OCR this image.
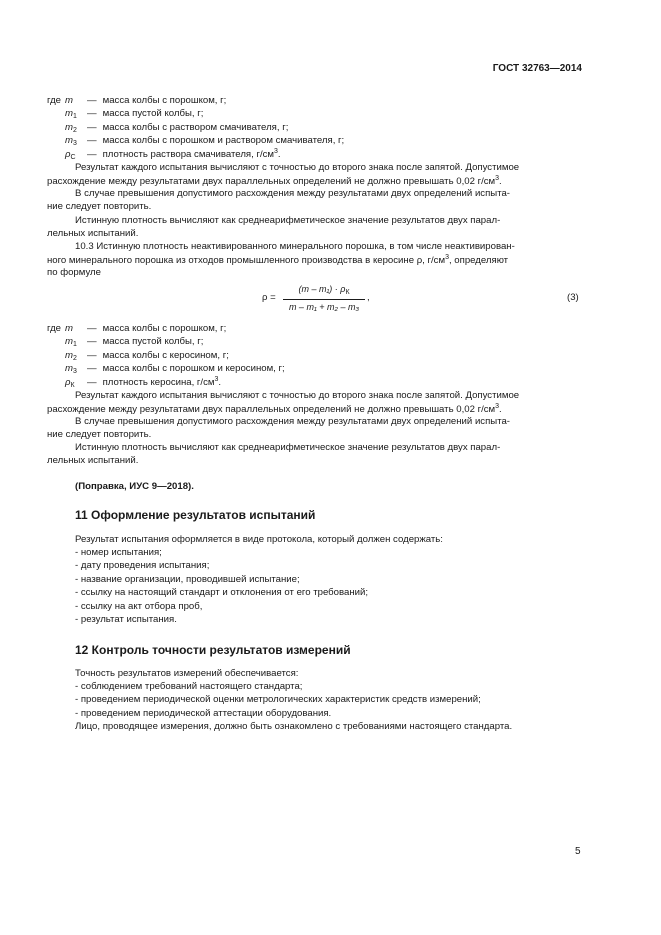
ГОСТ 32763—2014
где m — масса колбы с порошком, г;
$m_1$ — масса пустой колбы, г;
$m_2$ — масса колбы с раствором смачивателя, г;
$m_3$ — масса колбы с порошком и раствором смачивателя, г;
$\rho_С$ — плотность раствора смачивателя, $г/см^3$.
Результат каждого испытания вычисляют с точностью до второго знака после запятой. Допустимое
расхождение между результатами двух параллельных определений не должно превышать 0,02 $г/см^3$.
В случае превышения допустимого расхождения между результатами двух определений испыта-
ние следует повторить.
Истинную плотность вычисляют как среднеарифметическое значение результатов двух парал-
лельных испытаний.
10.3 Истинную плотность неактивированного минерального порошка, в том числе неактивирован-
ного минерального порошка из отходов промышленного производства в керосине ρ, $г/см^3$, определяют
по формуле
ρ =
$(m - m_1) \cdot \rho_К$
m – m₁ + m₂ – m₃
,	(3)
где m — масса колбы с порошком, г;
$m_1$ — масса пустой колбы, г;
$m_2$ — масса колбы с керосином, г;
$m_3$ — масса колбы с порошком и керосином, г;
$\rho_К$ — плотность керосина, $г/см^3$.
Результат каждого испытания вычисляют с точностью до второго знака после запятой. Допустимое
расхождение между результатами двух параллельных определений не должно превышать 0,02 $г/см^3$.
В случае превышения допустимого расхождения между результатами двух определений испыта-
ние следует повторить.
Истинную плотность вычисляют как среднеарифметическое значение результатов двух парал-
лельных испытаний.
(Поправка, ИУС 9—2018).
11 Оформление результатов испытаний
Результат испытания оформляется в виде протокола, который должен содержать:
- номер испытания;
- дату проведения испытания;
- название организации, проводившей испытание;
- ссылку на настоящий стандарт и отклонения от его требований;
- ссылку на акт отбора проб,
- результат испытания.
12 Контроль точности результатов измерений
Точность результатов измерений обеспечивается:
- соблюдением требований настоящего стандарта;
- проведением периодической оценки метрологических характеристик средств измерений;
- проведением периодической аттестации оборудования.
Лицо, проводящее измерения, должно быть ознакомлено с требованиями настоящего стандарта.
5
